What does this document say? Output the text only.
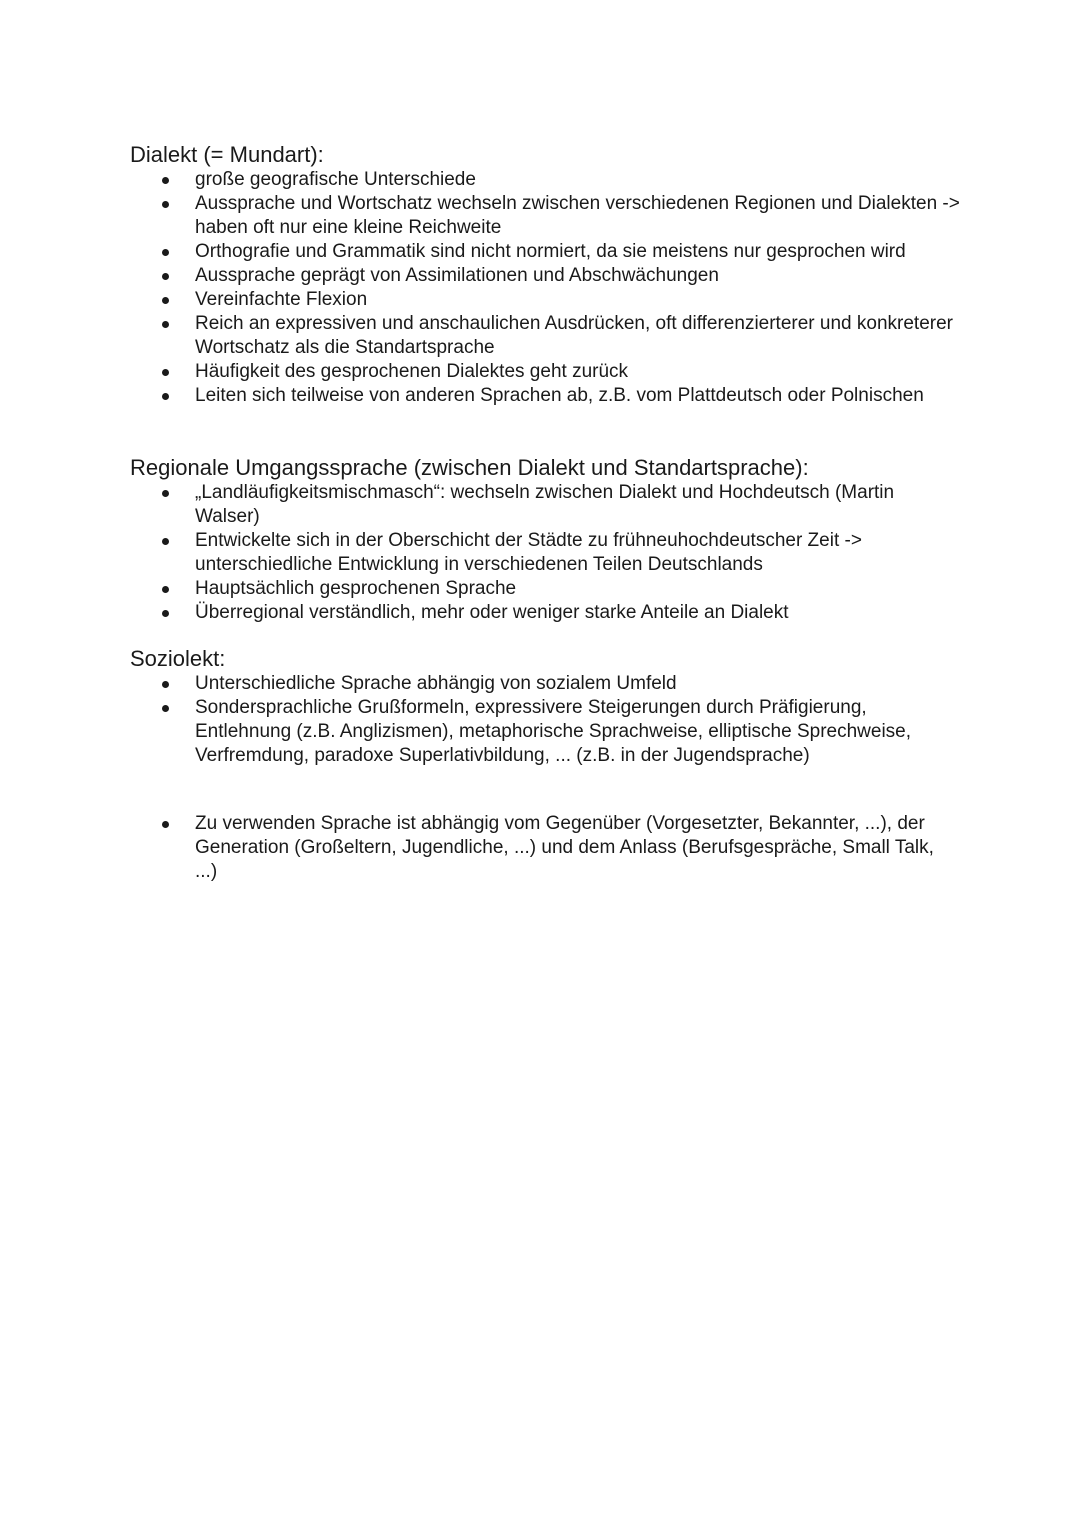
Dialekt (= Mundart):
große geografische Unterschiede
Aussprache und Wortschatz wechseln zwischen verschiedenen Regionen und Dialekten -> haben oft nur eine kleine Reichweite
Orthografie und Grammatik sind nicht normiert, da sie meistens nur gesprochen wird
Aussprache geprägt von Assimilationen und Abschwächungen
Vereinfachte Flexion
Reich an expressiven und anschaulichen Ausdrücken, oft differenzierterer und konkreterer Wortschatz als die Standartsprache
Häufigkeit des gesprochenen Dialektes geht zurück
Leiten sich teilweise von anderen Sprachen ab, z.B. vom Plattdeutsch oder Polnischen
Regionale Umgangssprache (zwischen Dialekt und Standartsprache):
„Landläufigkeitsmischmasch“: wechseln zwischen Dialekt und Hochdeutsch (Martin Walser)
Entwickelte sich in der Oberschicht der Städte zu frühneuhochdeutscher Zeit -> unterschiedliche Entwicklung in verschiedenen Teilen Deutschlands
Hauptsächlich gesprochenen Sprache
Überregional verständlich, mehr oder weniger starke Anteile an Dialekt
Soziolekt:
Unterschiedliche Sprache abhängig von sozialem Umfeld
Sondersprachliche Grußformeln, expressivere Steigerungen durch Präfigierung, Entlehnung (z.B. Anglizismen), metaphorische Sprachweise, elliptische Sprechweise, Verfremdung, paradoxe Superlativbildung, ... (z.B. in der Jugendsprache)
Zu verwenden Sprache ist abhängig vom Gegenüber (Vorgesetzter, Bekannter, ...), der Generation (Großeltern, Jugendliche, ...) und dem Anlass (Berufsgespräche, Small Talk, ...)
